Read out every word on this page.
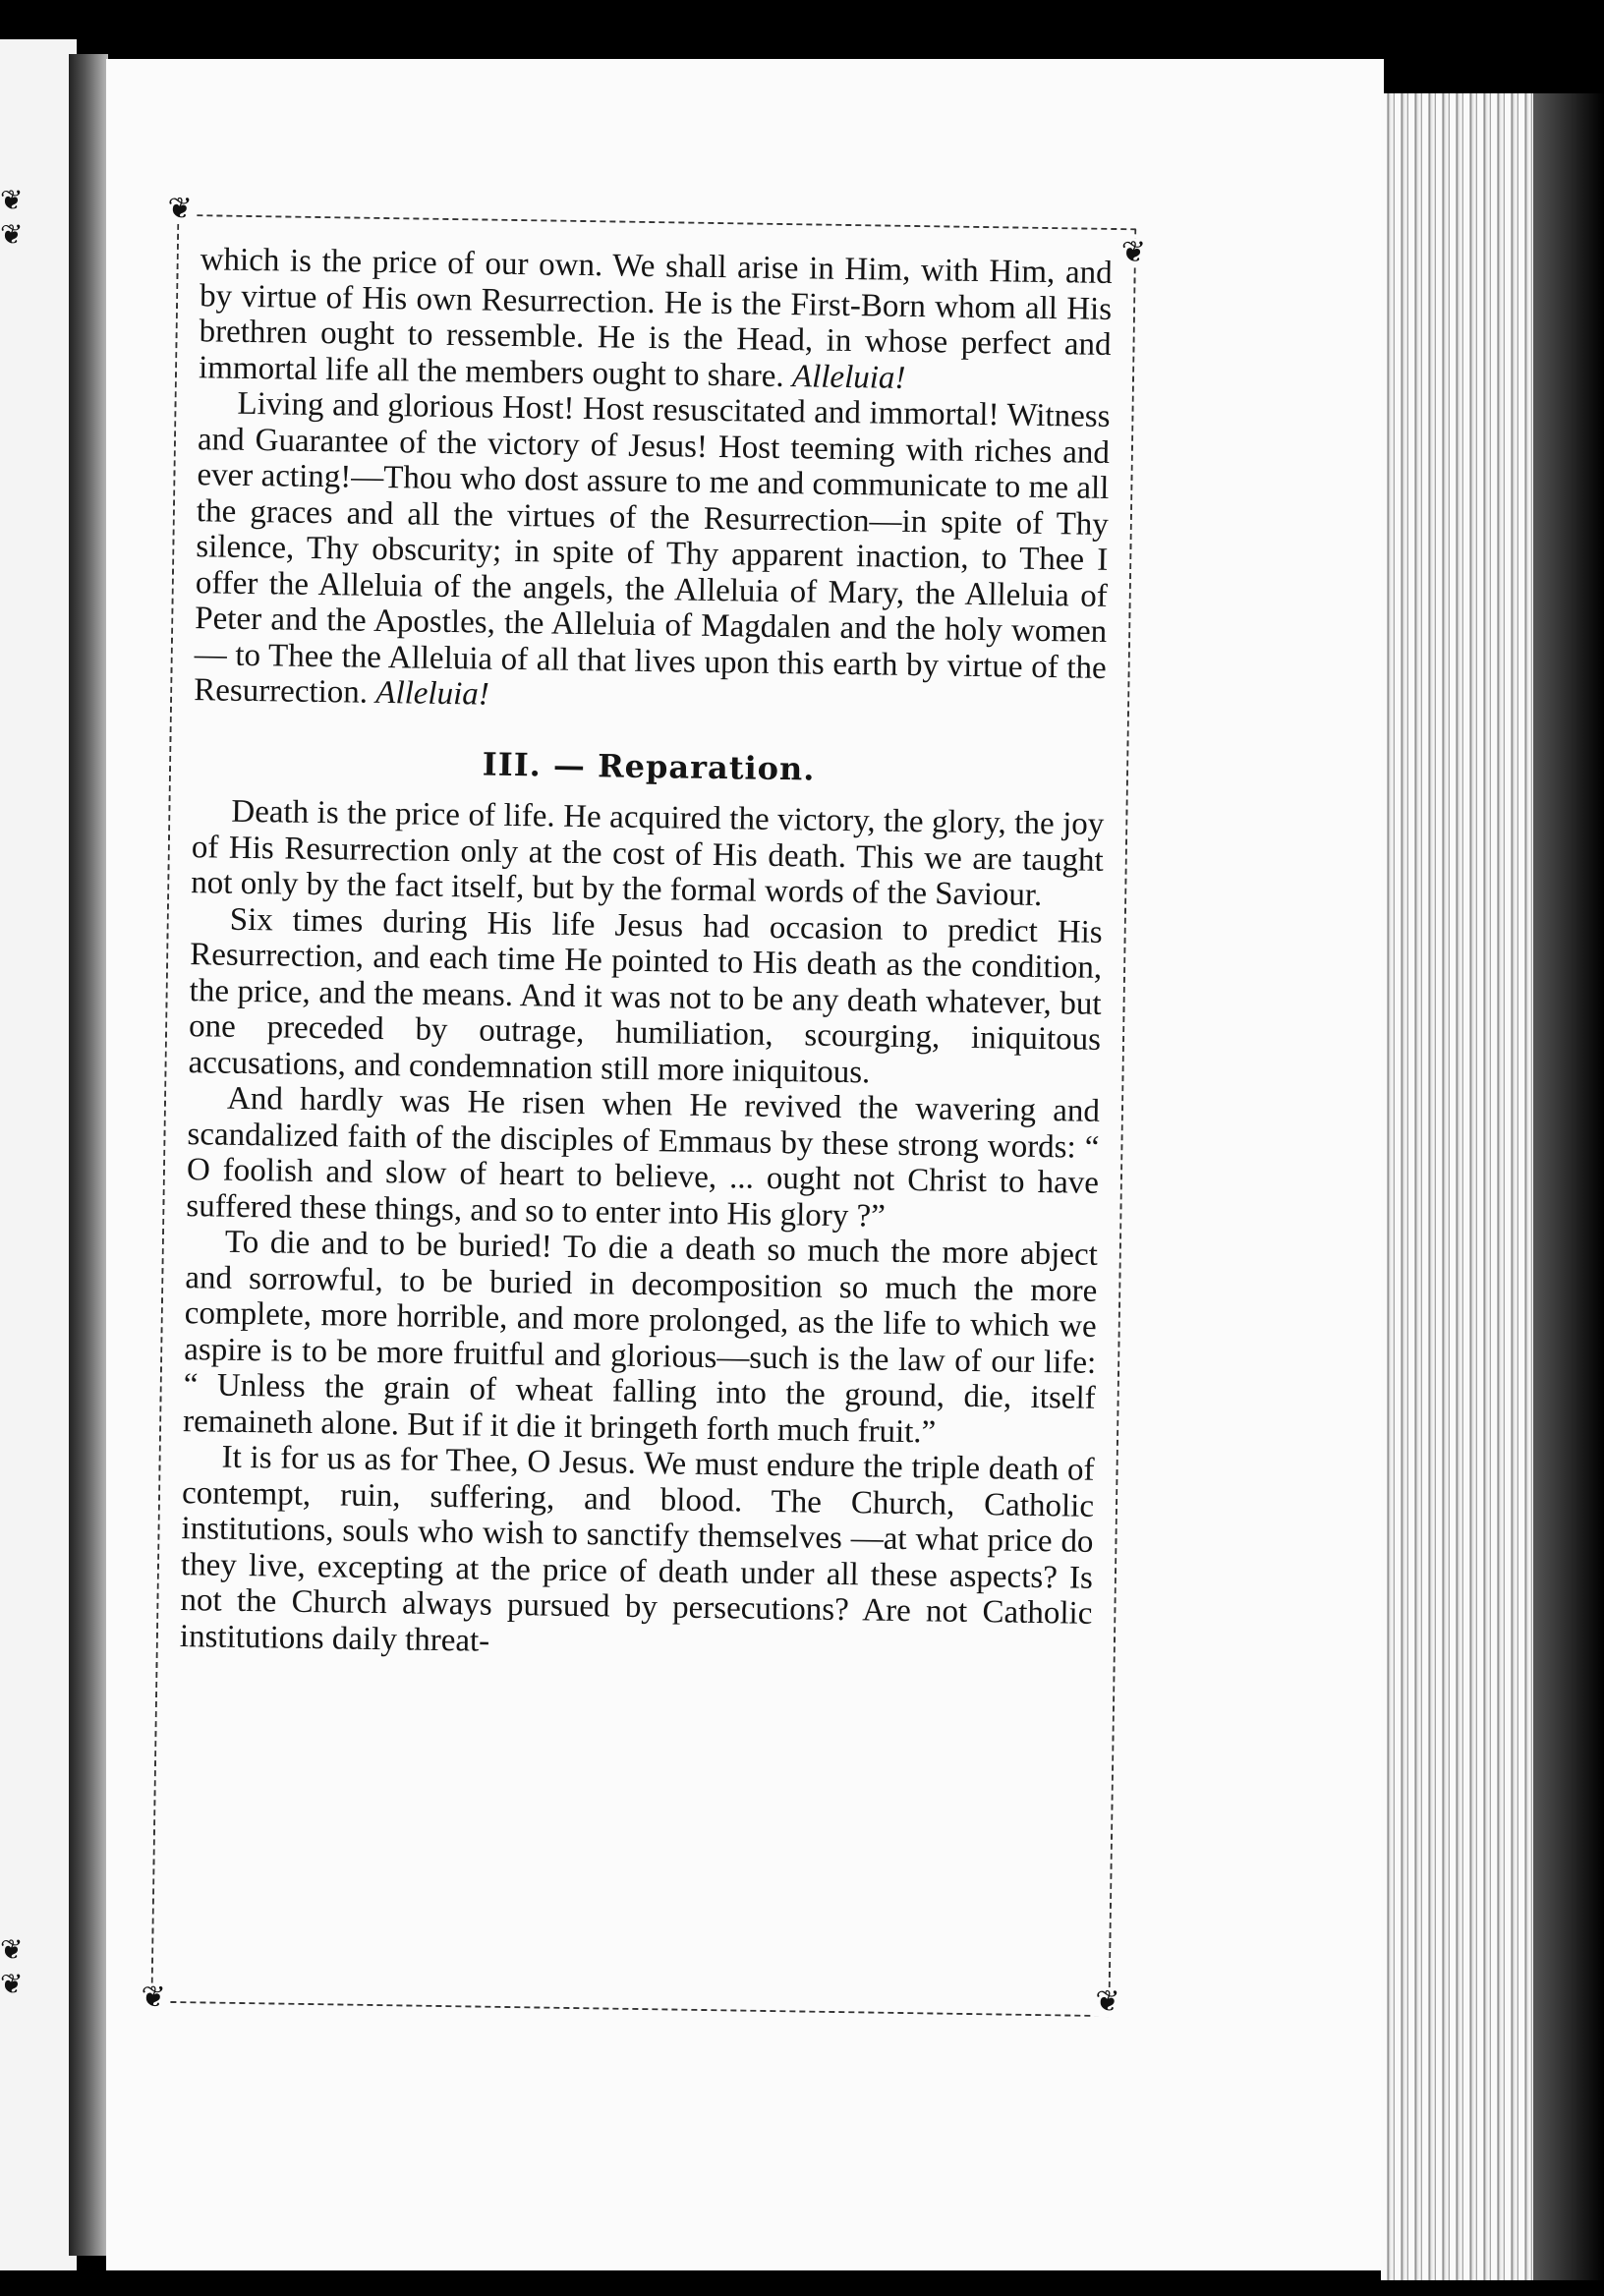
❦
❦
❦
❦
❦
❦
❦	❦

which is the price of our own. We shall arise in Him, with Him, and by virtue of His own Resurrection. He is the First-Born whom all His brethren ought to ressemble. He is the Head, in whose perfect and immortal life all the members ought to share. Alleluia!

Living and glorious Host! Host resuscitated and immortal! Witness and Guarantee of the victory of Jesus! Host teeming with riches and ever acting!—Thou who dost assure to me and communicate to me all the graces and all the virtues of the Resurrection—in spite of Thy silence, Thy obscurity; in spite of Thy apparent inaction, to Thee I offer the Alleluia of the angels, the Alleluia of Mary, the Alleluia of Peter and the Apostles, the Alleluia of Magdalen and the holy women — to Thee the Alleluia of all that lives upon this earth by virtue of the Resurrection. Alleluia!

III. — Reparation.

Death is the price of life. He acquired the victory, the glory, the joy of His Resurrection only at the cost of His death. This we are taught not only by the fact itself, but by the formal words of the Saviour.

Six times during His life Jesus had occasion to predict His Resurrection, and each time He pointed to His death as the condition, the price, and the means. And it was not to be any death whatever, but one preceded by outrage, humiliation, scourging, iniquitous accusations, and condemnation still more iniquitous.

And hardly was He risen when He revived the wavering and scandalized faith of the disciples of Emmaus by these strong words: “ O foolish and slow of heart to believe, ... ought not Christ to have suffered these things, and so to enter into His glory ?”

To die and to be buried! To die a death so much the more abject and sorrowful, to be buried in decomposition so much the more complete, more horrible, and more prolonged, as the life to which we aspire is to be more fruitful and glorious—such is the law of our life: “ Unless the grain of wheat falling into the ground, die, itself remaineth alone. But if it die it bringeth forth much fruit.”

It is for us as for Thee, O Jesus. We must endure the triple death of contempt, ruin, suffering, and blood. The Church, Catholic institutions, souls who wish to sanctify themselves —at what price do they live, excepting at the price of death under all these aspects? Is not the Church always pursued by persecutions? Are not Catholic institutions daily threat-
